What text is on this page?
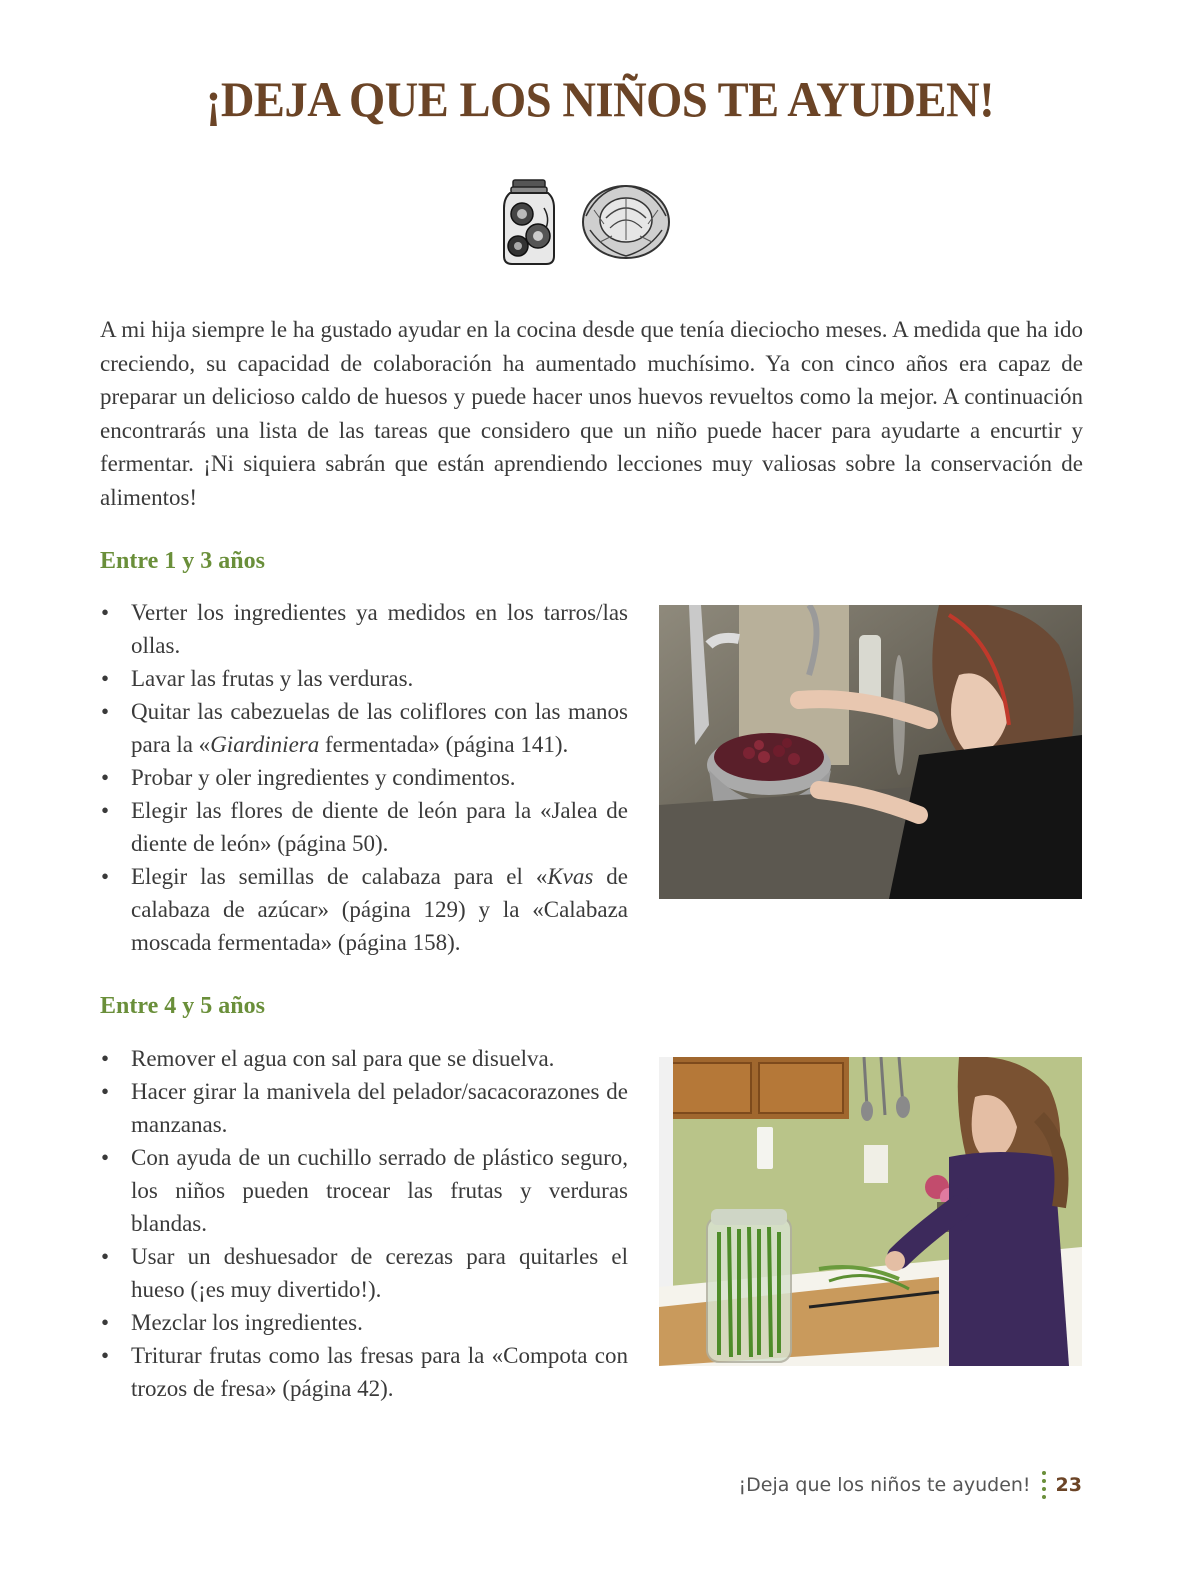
¡DEJA QUE LOS NIÑOS TE AYUDEN!

A mi hija siempre le ha gustado ayudar en la cocina desde que tenía dieciocho meses. A medida que ha ido creciendo, su capacidad de colaboración ha aumentado muchísimo. Ya con cinco años era capaz de preparar un delicioso caldo de huesos y puede hacer unos huevos revueltos como la mejor. A continuación encontrarás una lista de las tareas que considero que un niño puede hacer para ayudarte a encurtir y fermentar. ¡Ni siquiera sabrán que están aprendiendo lecciones muy valiosas sobre la conservación de alimentos!

Entre 1 y 3 años
• Verter los ingredientes ya medidos en los tarros/las ollas.
• Lavar las frutas y las verduras.
• Quitar las cabezuelas de las coliflores con las manos para la «Giardiniera fermentada» (página 141).
• Probar y oler ingredientes y condimentos.
• Elegir las flores de diente de león para la «Jalea de diente de león» (página 50).
• Elegir las semillas de calabaza para el «Kvas de calabaza de azúcar» (página 129) y la «Calabaza moscada fermentada» (página 158).
Entre 4 y 5 años
• Remover el agua con sal para que se disuelva.
• Hacer girar la manivela del pelador/sacacorazones de manzanas.
• Con ayuda de un cuchillo serrado de plástico seguro, los niños pueden trocear las frutas y verduras blandas.
• Usar un deshuesador de cerezas para quitarles el hueso (¡es muy divertido!).
• Mezclar los ingredientes.
• Triturar frutas como las fresas para la «Compota con trozos de fresa» (página 42).
¡Deja que los niños te ayuden! 23
